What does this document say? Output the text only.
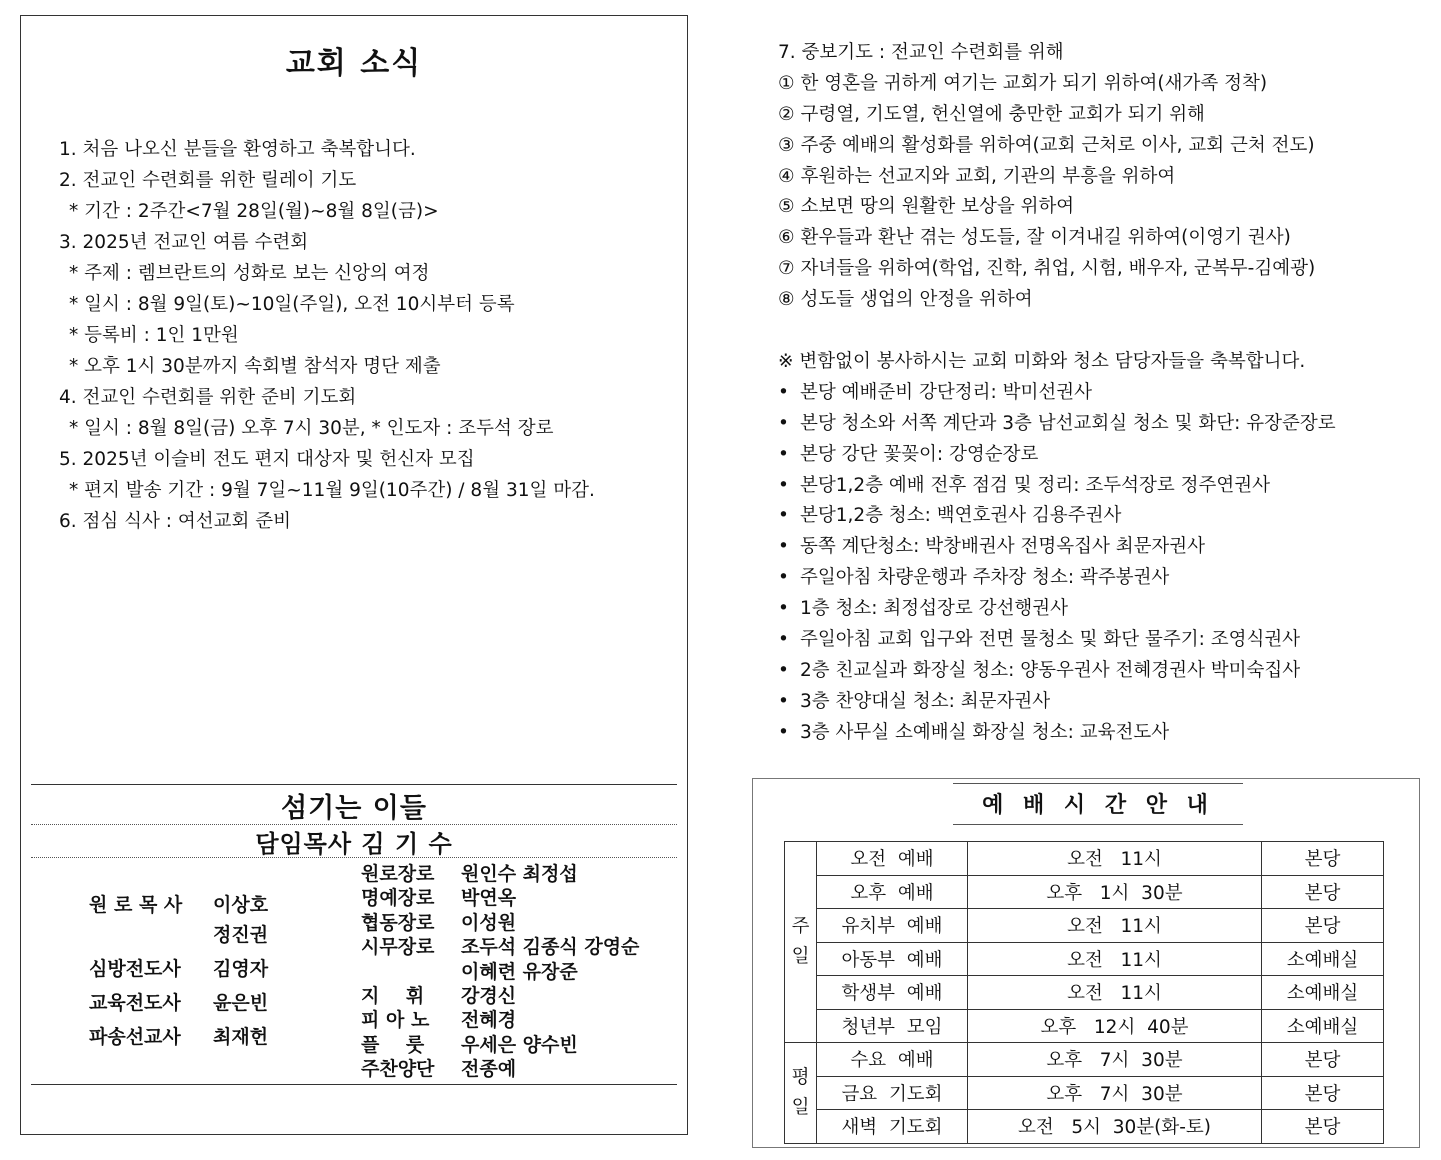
교회 소식
1. 처음 나오신 분들을 환영하고 축복합니다.
2. 전교인 수련회를 위한 릴레이 기도
* 기간 : 2주간<7월 28일(월)~8월 8일(금)>
3. 2025년 전교인 여름 수련회
* 주제 : 렘브란트의 성화로 보는 신앙의 여정
* 일시 : 8월 9일(토)~10일(주일), 오전 10시부터 등록
* 등록비 : 1인 1만원
* 오후 1시 30분까지 속회별 참석자 명단 제출
4. 전교인 수련회를 위한 준비 기도회
* 일시 : 8월 8일(금) 오후 7시 30분, * 인도자 : 조두석 장로
5. 2025년 이슬비 전도 편지 대상자 및 헌신자 모집
* 편지 발송 기간 : 9월 7일~11월 9일(10주간) / 8월 31일 마감.
6. 점심 식사 : 여선교회 준비
섬기는 이들
담임목사 김 기 수
원 로 목 사 이상호
정진권
심방전도사 김영자
교육전도사 윤은빈
파송선교사 최재헌
원로장로 원인수 최정섭
명예장로 박연옥
협동장로 이성원
시무장로 조두석 김종식 강영순
이혜련 유장준
지    휘 강경신
피 아 노 전혜경
플    룻 우세은 양수빈
주찬양단 전종예
7. 중보기도 : 전교인 수련회를 위해
① 한 영혼을 귀하게 여기는 교회가 되기 위하여(새가족 정착)
② 구령열, 기도열, 헌신열에 충만한 교회가 되기 위해
③ 주중 예배의 활성화를 위하여(교회 근처로 이사, 교회 근처 전도)
④ 후원하는 선교지와 교회, 기관의 부흥을 위하여
⑤ 소보면 땅의 원활한 보상을 위하여
⑥ 환우들과 환난 겪는 성도들, 잘 이겨내길 위하여(이영기 권사)
⑦ 자녀들을 위하여(학업, 진학, 취업, 시험, 배우자, 군복무-김예광)
⑧ 성도들 생업의 안정을 위하여
※ 변함없이 봉사하시는 교회 미화와 청소 담당자들을 축복합니다.
• 본당 예배준비 강단정리: 박미선권사
• 본당 청소와 서쪽 계단과 3층 남선교회실 청소 및 화단: 유장준장로
• 본당 강단 꽃꽂이: 강영순장로
• 본당1,2층 예배 전후 점검 및 정리: 조두석장로 정주연권사
• 본당1,2층 청소: 백연호권사 김용주권사
• 동쪽 계단청소: 박창배권사 전명옥집사 최문자권사
• 주일아침 차량운행과 주차장 청소: 곽주봉권사
• 1층 청소: 최정섭장로 강선행권사
• 주일아침 교회 입구와 전면 물청소 및 화단 물주기: 조영식권사
• 2층 친교실과 화장실 청소: 양동우권사 전혜경권사 박미숙집사
• 3층 찬양대실 청소: 최문자권사
• 3층 사무실 소예배실 화장실 청소: 교육전도사
예 배 시 간 안 내
주
일	오전  예배	오전   11시	본당
	오후  예배	오후   1시  30분	본당
	유치부  예배	오전   11시	본당
	아동부  예배	오전   11시	소예배실
	학생부  예배	오전   11시	소예배실
	청년부  모임	오후   12시  40분	소예배실
평
일	수요  예배	오후   7시  30분	본당
	금요  기도회	오후   7시  30분	본당
	새벽  기도회	오전   5시  30분(화-토)	본당
